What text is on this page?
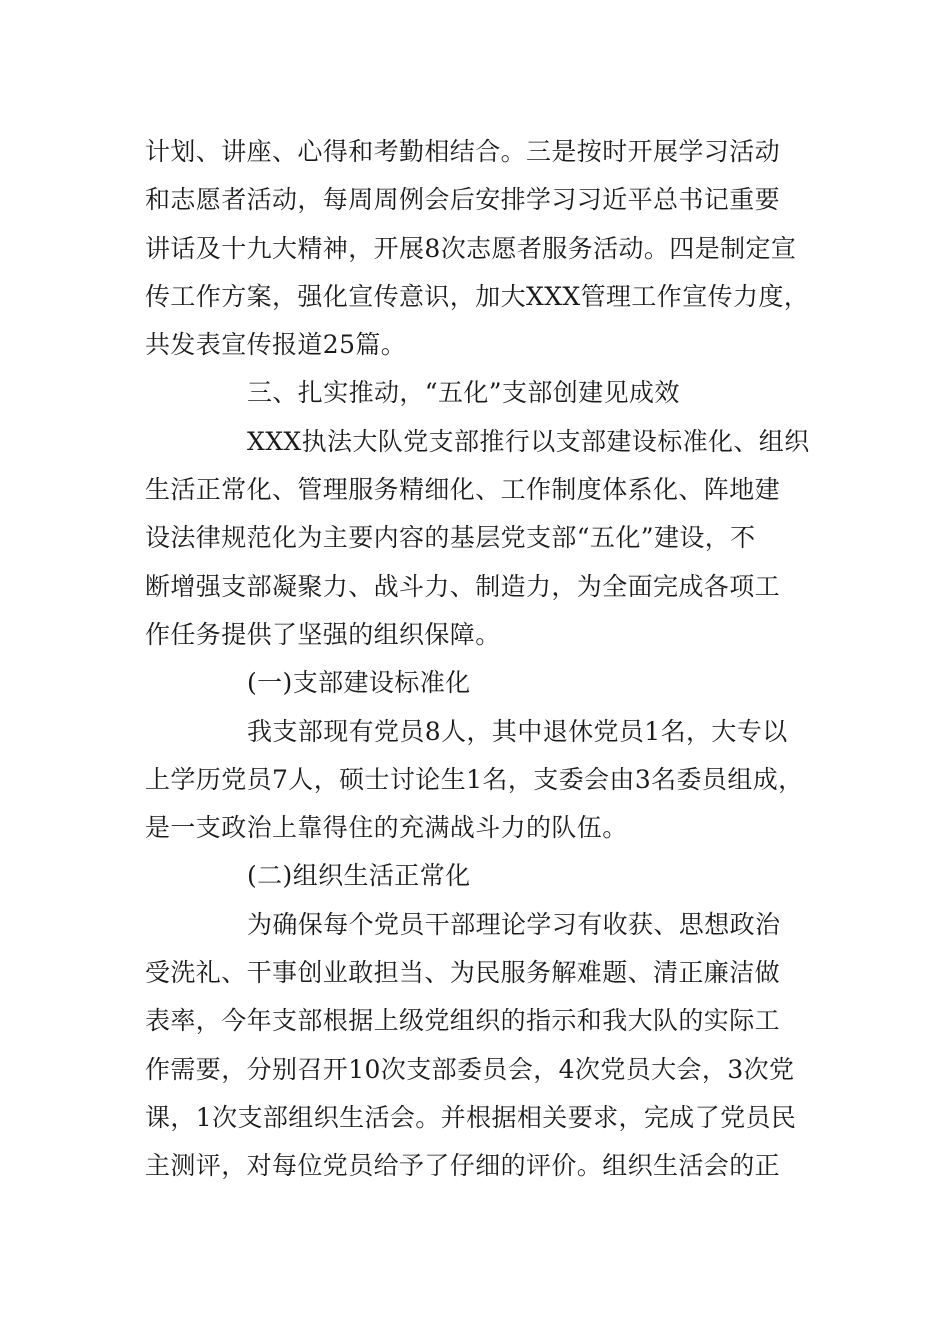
计划、讲座、心得和考勤相结合。三是按时开展学习活动
和志愿者活动，每周周例会后安排学习习近平总书记重要
讲话及十九大精神，开展8次志愿者服务活动。四是制定宣
传工作方案，强化宣传意识，加大XXX管理工作宣传力度，
共发表宣传报道25篇。
三、扎实推动，“五化”支部创建见成效
XXX执法大队党支部推行以支部建设标准化、组织
生活正常化、管理服务精细化、工作制度体系化、阵地建
设法律规范化为主要内容的基层党支部“五化”建设，不
断增强支部凝聚力、战斗力、制造力，为全面完成各项工
作任务提供了坚强的组织保障。
(一)支部建设标准化
我支部现有党员8人，其中退休党员1名，大专以
上学历党员7人，硕士讨论生1名，支委会由3名委员组成，
是一支政治上靠得住的充满战斗力的队伍。
(二)组织生活正常化
为确保每个党员干部理论学习有收获、思想政治
受洗礼、干事创业敢担当、为民服务解难题、清正廉洁做
表率，今年支部根据上级党组织的指示和我大队的实际工
作需要，分别召开10次支部委员会，4次党员大会，3次党
课，1次支部组织生活会。并根据相关要求，完成了党员民
主测评，对每位党员给予了仔细的评价。组织生活会的正
